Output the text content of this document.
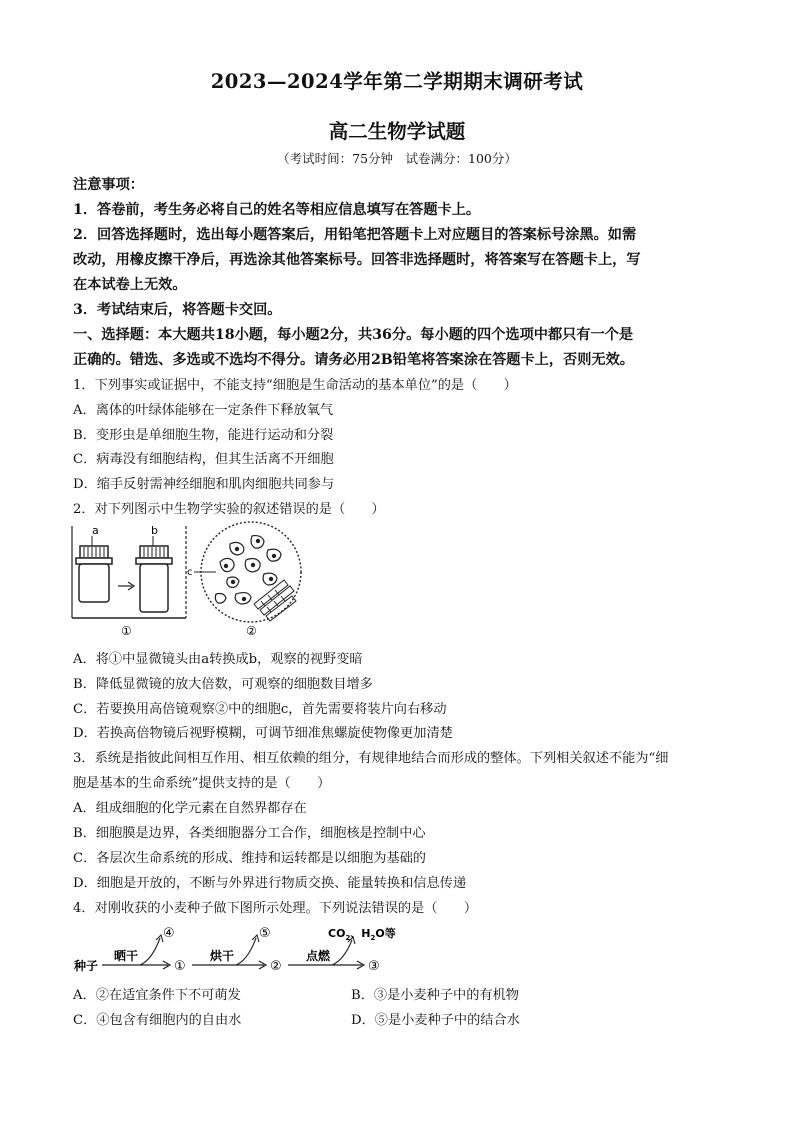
2023—2024学年第二学期期末调研考试
高二生物学试题
（考试时间：75分钟　试卷满分：100分）
注意事项：
1．答卷前，考生务必将自己的姓名等相应信息填写在答题卡上。
2．回答选择题时，选出每小题答案后，用铅笔把答题卡上对应题目的答案标号涂黑。如需
改动，用橡皮擦干净后，再选涂其他答案标号。回答非选择题时，将答案写在答题卡上，写
在本试卷上无效。
3．考试结束后，将答题卡交回。
一、选择题：本大题共18小题，每小题2分，共36分。每小题的四个选项中都只有一个是
正确的。错选、多选或不选均不得分。请务必用2B铅笔将答案涂在答题卡上，否则无效。
1．下列事实或证据中，不能支持“细胞是生命活动的基本单位”的是（　　）
A．离体的叶绿体能够在一定条件下释放氧气
B．变形虫是单细胞生物，能进行运动和分裂
C．病毒没有细胞结构，但其生活离不开细胞
D．缩手反射需神经细胞和肌肉细胞共同参与
2．对下列图示中生物学实验的叙述错误的是（　　）
a	b
①
c
②
A．将①中显微镜头由a转换成b，观察的视野变暗
B．降低显微镜的放大倍数，可观察的细胞数目增多
C．若要换用高倍镜观察②中的细胞c，首先需要将装片向右移动
D．若换高倍物镜后视野模糊，可调节细准焦螺旋使物像更加清楚
3．系统是指彼此间相互作用、相互依赖的组分，有规律地结合而形成的整体。下列相关叙述不能为“细
胞是基本的生命系统”提供支持的是（　　）
A．组成细胞的化学元素在自然界都存在
B．细胞膜是边界，各类细胞器分工合作，细胞核是控制中心
C．各层次生命系统的形成、维持和运转都是以细胞为基础的
D．细胞是开放的，不断与外界进行物质交换、能量转换和信息传递
4．对刚收获的小麦种子做下图所示处理。下列说法错误的是（　　）
种子
晒干
④
①
烘干
⑤
②
点燃
$CO_2$、$H_2O$等
③
A．②在适宜条件下不可萌发	B．③是小麦种子中的有机物
C．④包含有细胞内的自由水	D．⑤是小麦种子中的结合水
